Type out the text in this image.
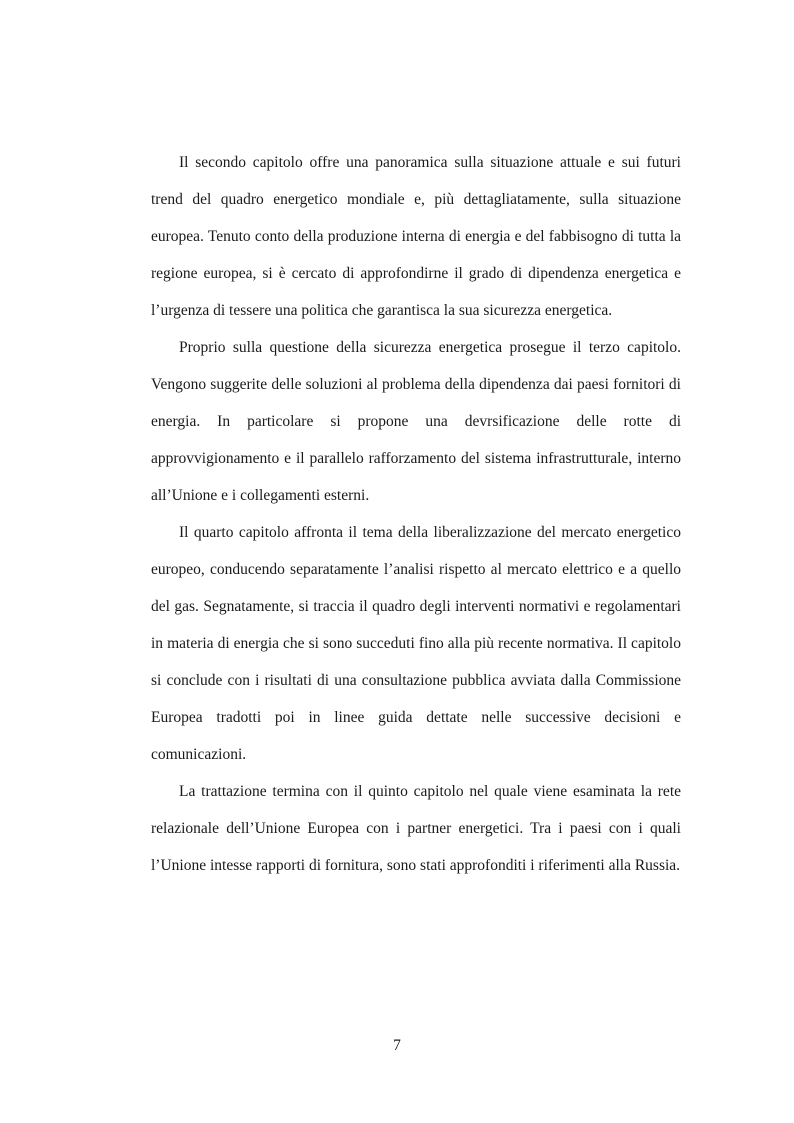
Il secondo capitolo offre una panoramica sulla situazione attuale e sui futuri trend del quadro energetico mondiale e, più dettagliatamente, sulla situazione europea. Tenuto conto della produzione interna di energia e del fabbisogno di tutta la regione europea, si è cercato di approfondirne il grado di dipendenza energetica e l’urgenza di tessere una politica che garantisca la sua sicurezza energetica.

Proprio sulla questione della sicurezza energetica prosegue il terzo capitolo. Vengono suggerite delle soluzioni al problema della dipendenza dai paesi fornitori di energia. In particolare si propone una devrsificazione delle rotte di approvvigionamento e il parallelo rafforzamento del sistema infrastrutturale, interno all’Unione e i collegamenti esterni.

Il quarto capitolo affronta il tema della liberalizzazione del mercato energetico europeo, conducendo separatamente l’analisi rispetto al mercato elettrico e a quello del gas. Segnatamente, si traccia il quadro degli interventi normativi e regolamentari in materia di energia che si sono succeduti fino alla più recente normativa. Il capitolo si conclude con i risultati di una consultazione pubblica avviata dalla Commissione Europea tradotti poi in linee guida dettate nelle successive decisioni e comunicazioni.

La trattazione termina con il quinto capitolo nel quale viene esaminata la rete relazionale dell’Unione Europea con i partner energetici. Tra i paesi con i quali l’Unione intesse rapporti di fornitura, sono stati approfonditi i riferimenti alla Russia.

7
